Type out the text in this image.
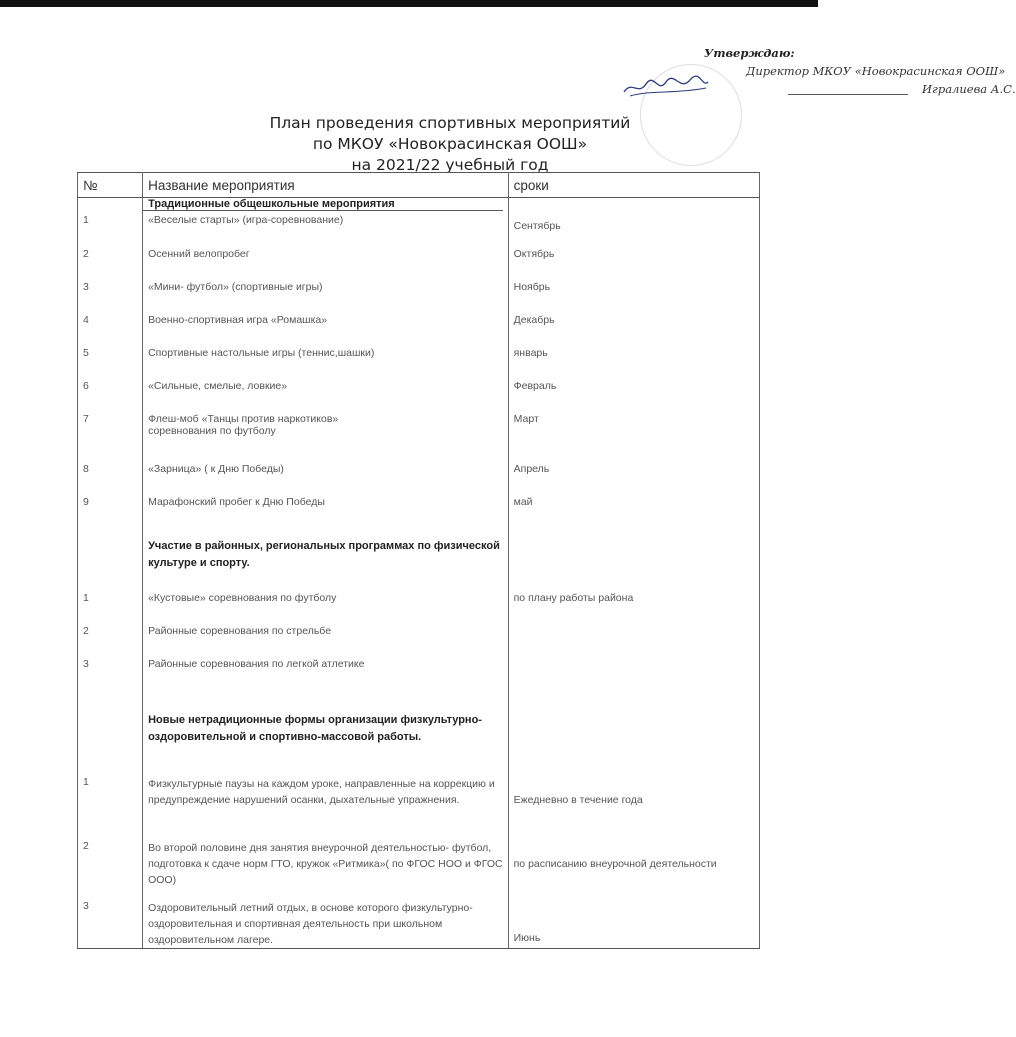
Утверждаю:
Директор МКОУ «Новокрасинская ООШ»
Игралиева А.С.
План проведения спортивных мероприятий
по МКОУ «Новокрасинская ООШ»
на 2021/22 учебный год
№	Название мероприятия	сроки

	Традиционные общешкольные мероприятия	

1	«Веселые старты» (игра-соревнование)	Сентябрь
2	Осенний велопробег	Октябрь
3	«Мини- футбол» (спортивные игры)	Ноябрь
4	Военно-спортивная игра «Ромашка»	Декабрь
5	Спортивные настольные игры (теннис,шашки)	январь
6	«Сильные, смелые, ловкие»	Февраль
7	Флеш-моб «Танцы против наркотиков»
соревнования по футболу	Март
8	«Зарница» ( к Дню Победы)	Апрель
9	Марафонский пробег к Дню Победы	май
	Участие в районных, региональных программах по физической культуре и спорту.	
1	«Кустовые» соревнования по футболу	по плану работы района
2	Районные соревнования по стрельбе	
3	Районные соревнования по легкой атлетике	
	Новые нетрадиционные формы организации физкультурно-оздоровительной и спортивно-массовой работы.	
1	Физкультурные паузы на каждом уроке, направленные на коррекцию и предупреждение нарушений осанки, дыхательные упражнения.	Ежедневно в течение года
2	Во второй половине дня занятия внеурочной деятельностью- футбол, подготовка к сдаче норм ГТО, кружок «Ритмика»( по ФГОС НОО и ФГОС ООО)	по расписанию внеурочной деятельности
3	Оздоровительный летний отдых, в основе которого физкультурно-оздоровительная и спортивная деятельность при школьном оздоровительном лагере.	Июнь
